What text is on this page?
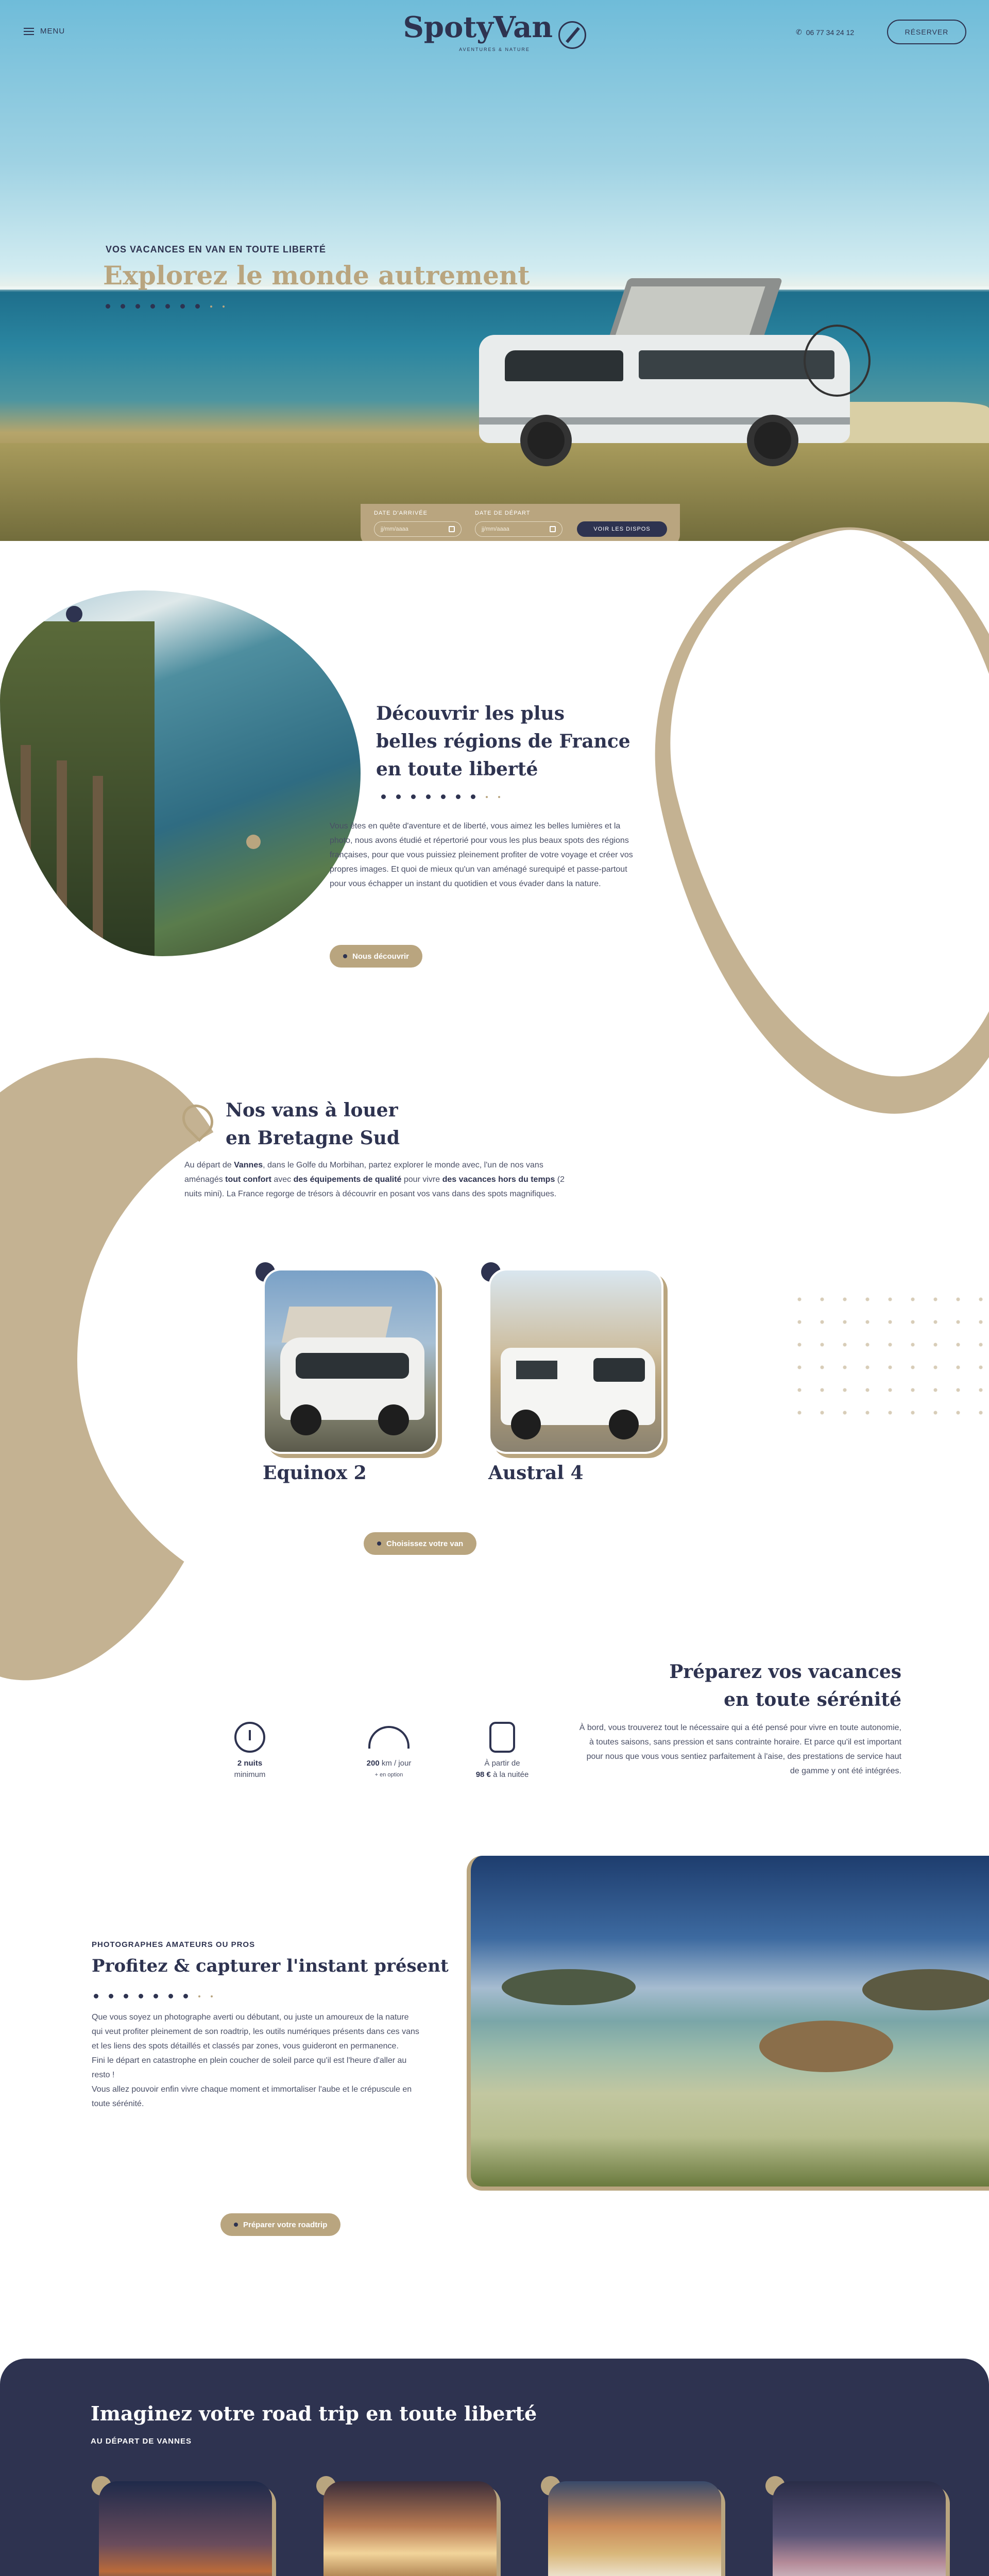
VOS VACANCES EN VAN EN TOUTE LIBERTÉ
Explorez le monde autrement
DATE D'ARRIVÉE
jj/mm/aaaa
DATE DE DÉPART
jj/mm/aaaa	VOIR LES DISPOS
MENU	SpotyVan
AVENTURES & NATURE
✆ 06 77 34 24 12	RÉSERVER
Découvrir les plus
belles régions de France
en toute liberté

Vous êtes en quête d'aventure et de liberté, vous aimez les belles lumières et la photo, nous avons étudié et répertorié pour vous les plus beaux spots des régions françaises, pour que vous puissiez pleinement profiter de votre voyage et créer vos propres images. Et quoi de mieux qu'un van aménagé surequipé et passe-partout pour vous échapper un instant du quotidien et vous évader dans la nature.

Nous découvrir
Nos vans à louer
en Bretagne Sud

Au départ de Vannes, dans le Golfe du Morbihan, partez explorer le monde avec, l'un de nos vans aménagés tout confort avec des équipements de qualité pour vivre des vacances hors du temps (2 nuits mini). La France regorge de trésors à découvrir en posant vos vans dans des spots magnifiques.

Equinox 2	Austral 4
Choisissez votre van
Préparez vos vacances
en toute sérénité

À bord, vous trouverez tout le nécessaire qui a été pensé pour vivre en toute autonomie, à toutes saisons, sans pression et sans contrainte horaire. Et parce qu'il est important pour nous que vous vous sentiez parfaitement à l'aise, des prestations de service haut de gamme y ont été intégrées.

2 nuits
minimum
200 km / jour
+ en option
À partir de
98 € à la nuitée
PHOTOGRAPHES AMATEURS OU PROS
Profitez & capturer l'instant présent

Que vous soyez un photographe averti ou débutant, ou juste un amoureux de la nature qui veut profiter pleinement de son roadtrip, les outils numériques présents dans ces vans et les liens des spots détaillés et classés par zones, vous guideront en permanence.

Fini le départ en catastrophe en plein coucher de soleil parce qu'il est l'heure d'aller au resto !

Vous allez pouvoir enfin vivre chaque moment et immortaliser l'aube et le crépuscule en toute sérénité.

Préparer votre roadtrip
Imaginez votre road trip en toute liberté
AU DÉPART DE VANNES
